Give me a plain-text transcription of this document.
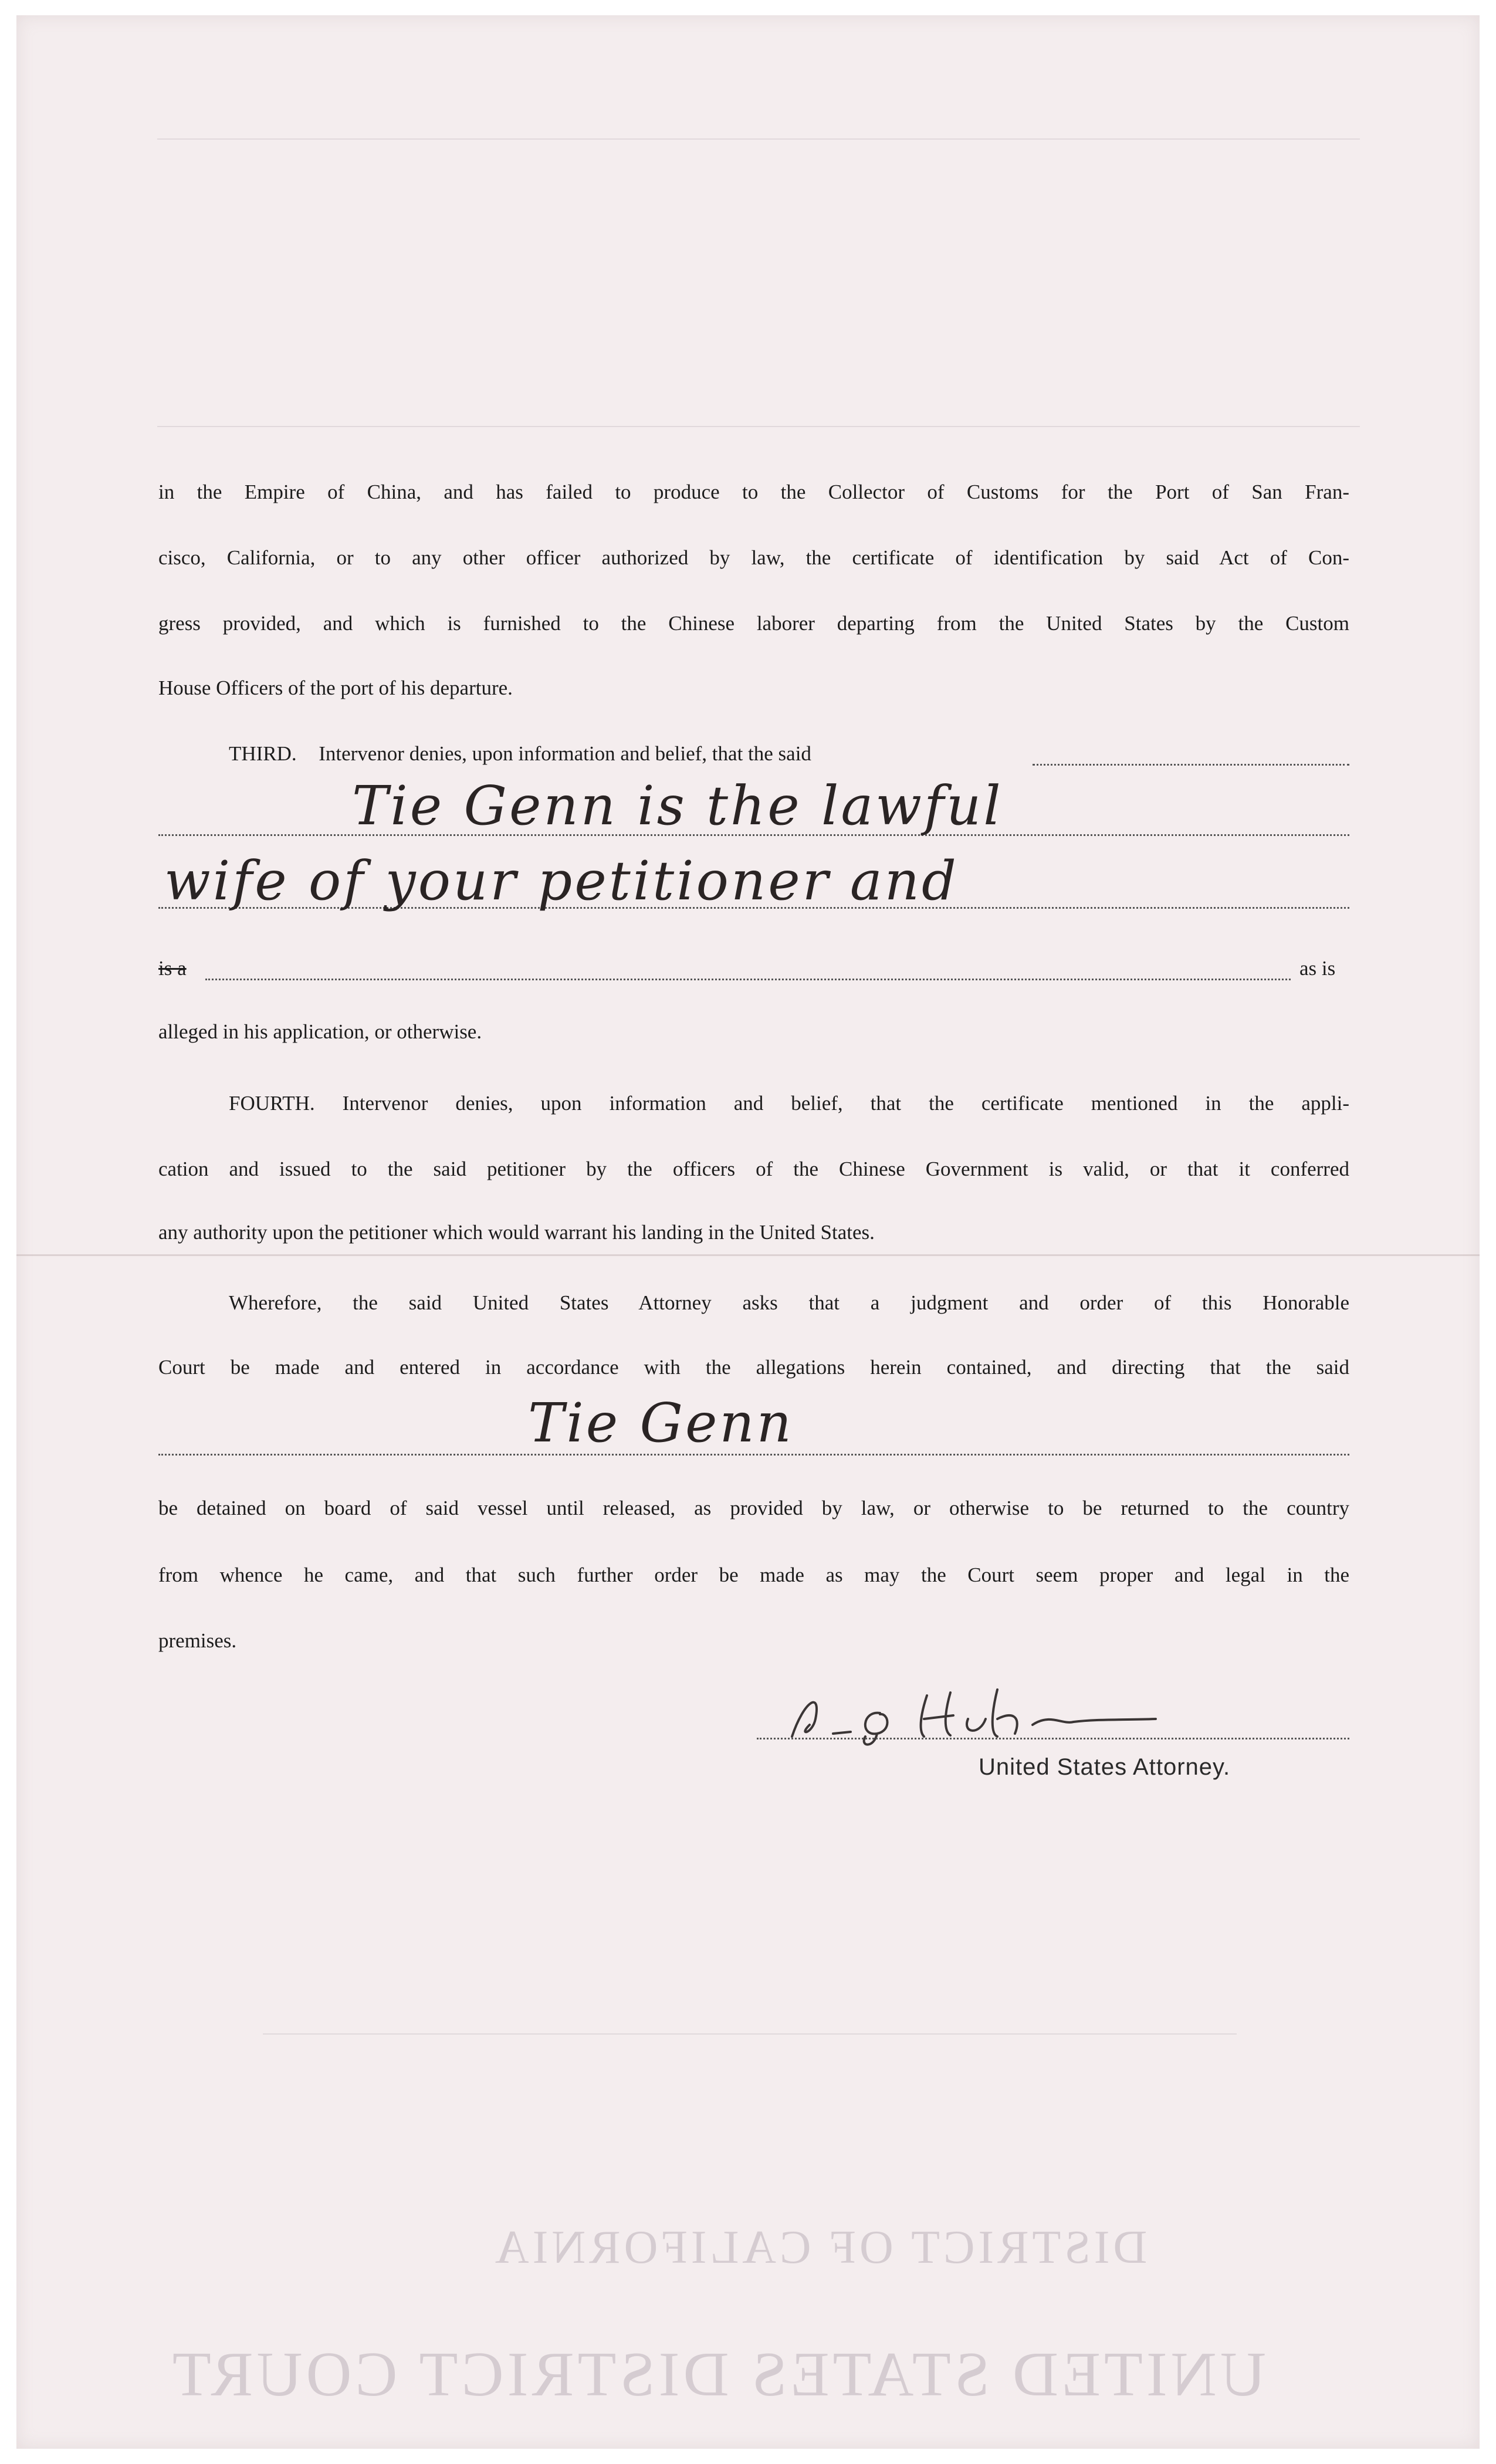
DISTRICT OF CALIFORNIA
UNITED STATES DISTRICT COURT
in the Empire of China, and has failed to produce to the Collector of Customs for the Port of San Fran-
cisco, California, or to any other officer authorized by law, the certificate of identification by said Act of Con-
gress provided, and which is furnished to the Chinese laborer departing from the United States by the Custom
House Officers of the port of his departure.
THIRD. Intervenor denies, upon information and belief, that the said
Tie Genn is the lawful
wife of your petitioner and
is a	as is
alleged in his application, or otherwise.
FOURTH. Intervenor denies, upon information and belief, that the certificate mentioned in the appli-
cation and issued to the said petitioner by the officers of the Chinese Government is valid, or that it conferred
any authority upon the petitioner which would warrant his landing in the United States.
Wherefore, the said United States Attorney asks that a judgment and order of this Honorable
Court be made and entered in accordance with the allegations herein contained, and directing that the said
Tie Genn
be detained on board of said vessel until released, as provided by law, or otherwise to be returned to the country
from whence he came, and that such further order be made as may the Court seem proper and legal in the
premises.
United States Attorney.
